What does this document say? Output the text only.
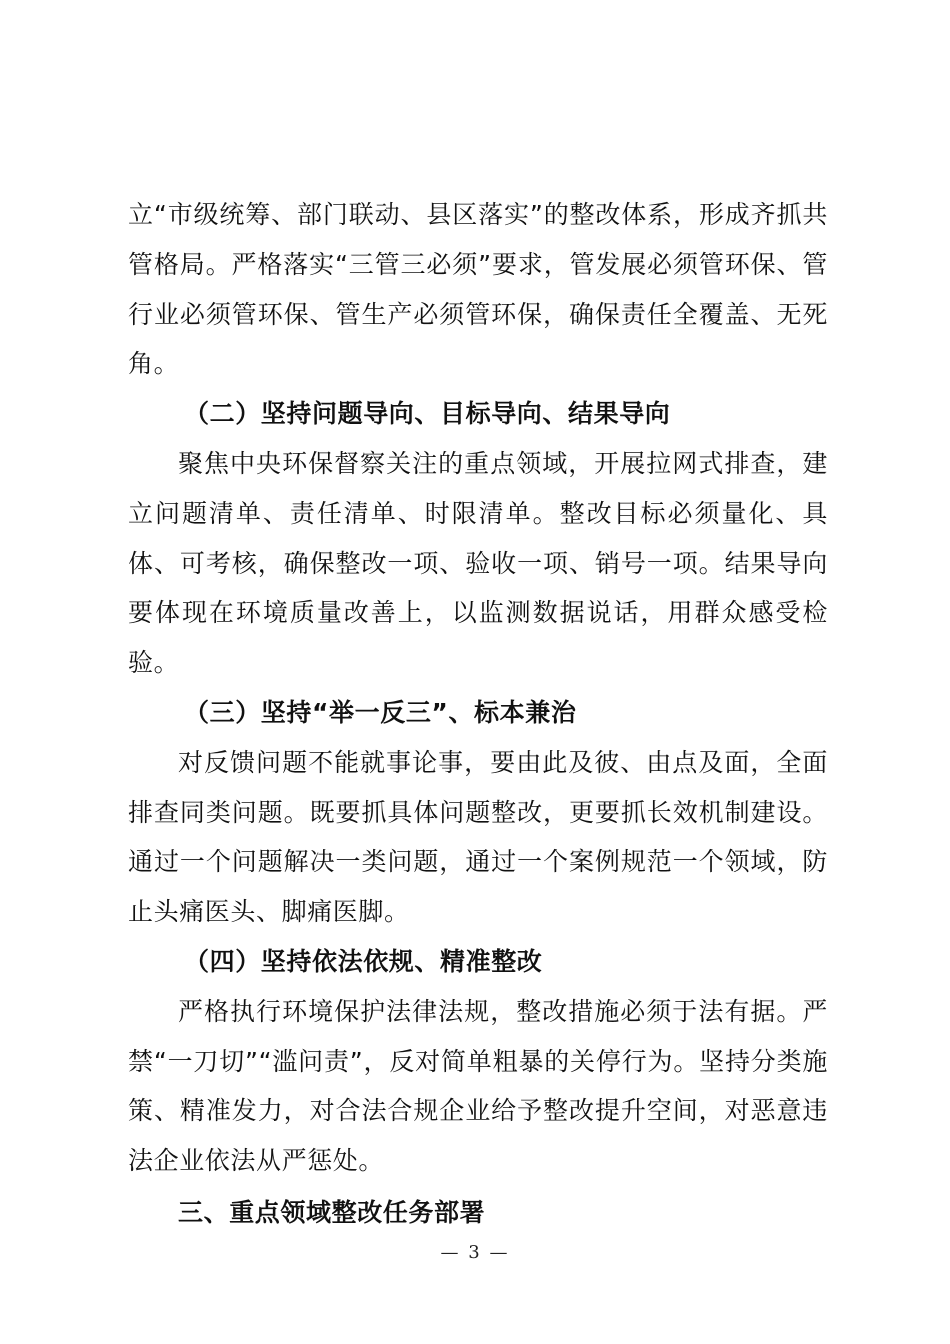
立“市级统筹、部门联动、县区落实”的整改体系，形成齐抓共管格局。严格落实“三管三必须”要求，管发展必须管环保、管行业必须管环保、管生产必须管环保，确保责任全覆盖、无死角。

（二）坚持问题导向、目标导向、结果导向

聚焦中央环保督察关注的重点领域，开展拉网式排查，建立问题清单、责任清单、时限清单。整改目标必须量化、具体、可考核，确保整改一项、验收一项、销号一项。结果导向要体现在环境质量改善上，以监测数据说话，用群众感受检验。

（三）坚持“举一反三”、标本兼治

对反馈问题不能就事论事，要由此及彼、由点及面，全面排查同类问题。既要抓具体问题整改，更要抓长效机制建设。通过一个问题解决一类问题，通过一个案例规范一个领域，防止头痛医头、脚痛医脚。

（四）坚持依法依规、精准整改

严格执行环境保护法律法规，整改措施必须于法有据。严禁“一刀切”“滥问责”，反对简单粗暴的关停行为。坚持分类施策、精准发力，对合法合规企业给予整改提升空间，对恶意违法企业依法从严惩处。

三、重点领域整改任务部署

— 3 —
